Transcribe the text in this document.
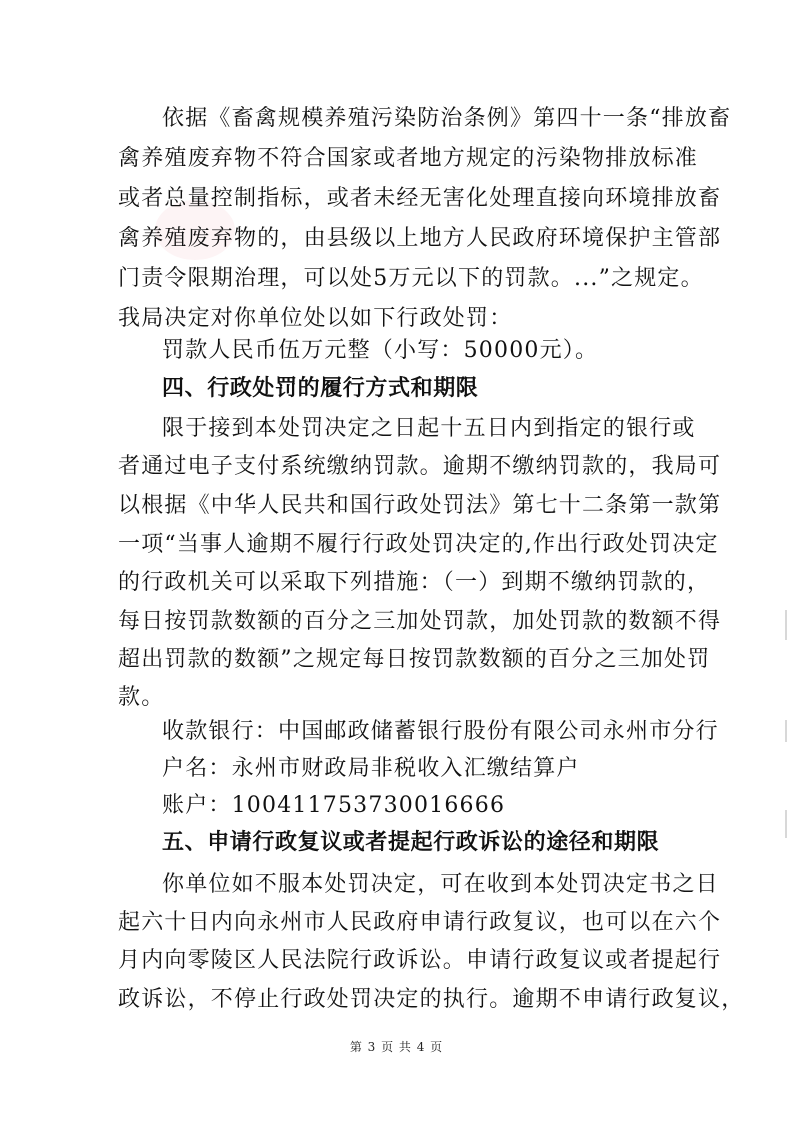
依据《畜禽规模养殖污染防治条例》第四十一条“排放畜
禽养殖废弃物不符合国家或者地方规定的污染物排放标准
或者总量控制指标，或者未经无害化处理直接向环境排放畜
禽养殖废弃物的，由县级以上地方人民政府环境保护主管部
门责令限期治理，可以处5万元以下的罚款。...”之规定。
我局决定对你单位处以如下行政处罚：
罚款人民币伍万元整（小写：50000元）。
四、行政处罚的履行方式和期限
限于接到本处罚决定之日起十五日内到指定的银行或
者通过电子支付系统缴纳罚款。逾期不缴纳罚款的，我局可
以根据《中华人民共和国行政处罚法》第七十二条第一款第
一项“当事人逾期不履行行政处罚决定的,作出行政处罚决定
的行政机关可以采取下列措施：（一）到期不缴纳罚款的，
每日按罚款数额的百分之三加处罚款，加处罚款的数额不得
超出罚款的数额”之规定每日按罚款数额的百分之三加处罚
款。
收款银行：中国邮政储蓄银行股份有限公司永州市分行
户名：永州市财政局非税收入汇缴结算户
账户：100411753730016666
五、申请行政复议或者提起行政诉讼的途径和期限
你单位如不服本处罚决定，可在收到本处罚决定书之日
起六十日内向永州市人民政府申请行政复议，也可以在六个
月内向零陵区人民法院行政诉讼。申请行政复议或者提起行
政诉讼，不停止行政处罚决定的执行。逾期不申请行政复议，
第 3 页 共 4 页
